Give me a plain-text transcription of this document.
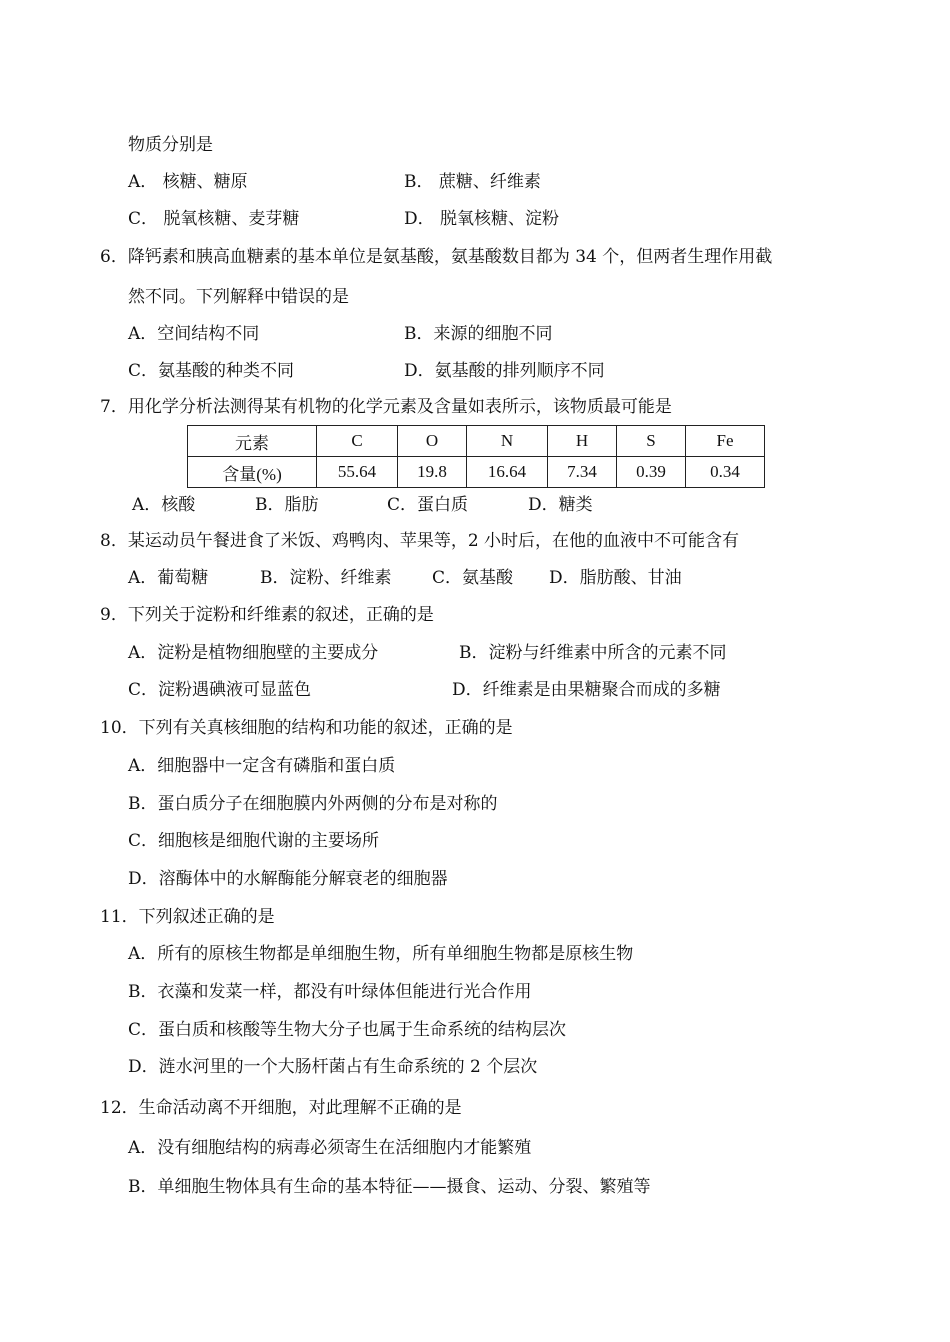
物质分别是
A． 核糖、糖原	B． 蔗糖、纤维素
C． 脱氧核糖、麦芽糖	D． 脱氧核糖、淀粉
6．降钙素和胰高血糖素的基本单位是氨基酸，氨基酸数目都为 34 个，但两者生理作用截
然不同。下列解释中错误的是
A．空间结构不同	B．来源的细胞不同
C．氨基酸的种类不同	D．氨基酸的排列顺序不同
7．用化学分析法测得某有机物的化学元素及含量如表所示，该物质最可能是
元素	C	O	N	H	S	Fe
含量(%)	55.64	19.8	16.64	7.34	0.39	0.34
A．核酸	B．脂肪	C．蛋白质	D．糖类
8．某运动员午餐进食了米饭、鸡鸭肉、苹果等，2 小时后，在他的血液中不可能含有
A．葡萄糖	B．淀粉、纤维素 C．氨基酸 D．脂肪酸、甘油
9．下列关于淀粉和纤维素的叙述，正确的是
A．淀粉是植物细胞壁的主要成分	B．淀粉与纤维素中所含的元素不同
C．淀粉遇碘液可显蓝色	D．纤维素是由果糖聚合而成的多糖
10．下列有关真核细胞的结构和功能的叙述，正确的是
A．细胞器中一定含有磷脂和蛋白质
B．蛋白质分子在细胞膜内外两侧的分布是对称的
C．细胞核是细胞代谢的主要场所
D．溶酶体中的水解酶能分解衰老的细胞器
11．下列叙述正确的是
A．所有的原核生物都是单细胞生物，所有单细胞生物都是原核生物
B．衣藻和发菜一样，都没有叶绿体但能进行光合作用
C．蛋白质和核酸等生物大分子也属于生命系统的结构层次
D．涟水河里的一个大肠杆菌占有生命系统的 2 个层次
12．生命活动离不开细胞，对此理解不正确的是
A．没有细胞结构的病毒必须寄生在活细胞内才能繁殖
B．单细胞生物体具有生命的基本特征——摄食、运动、分裂、繁殖等
